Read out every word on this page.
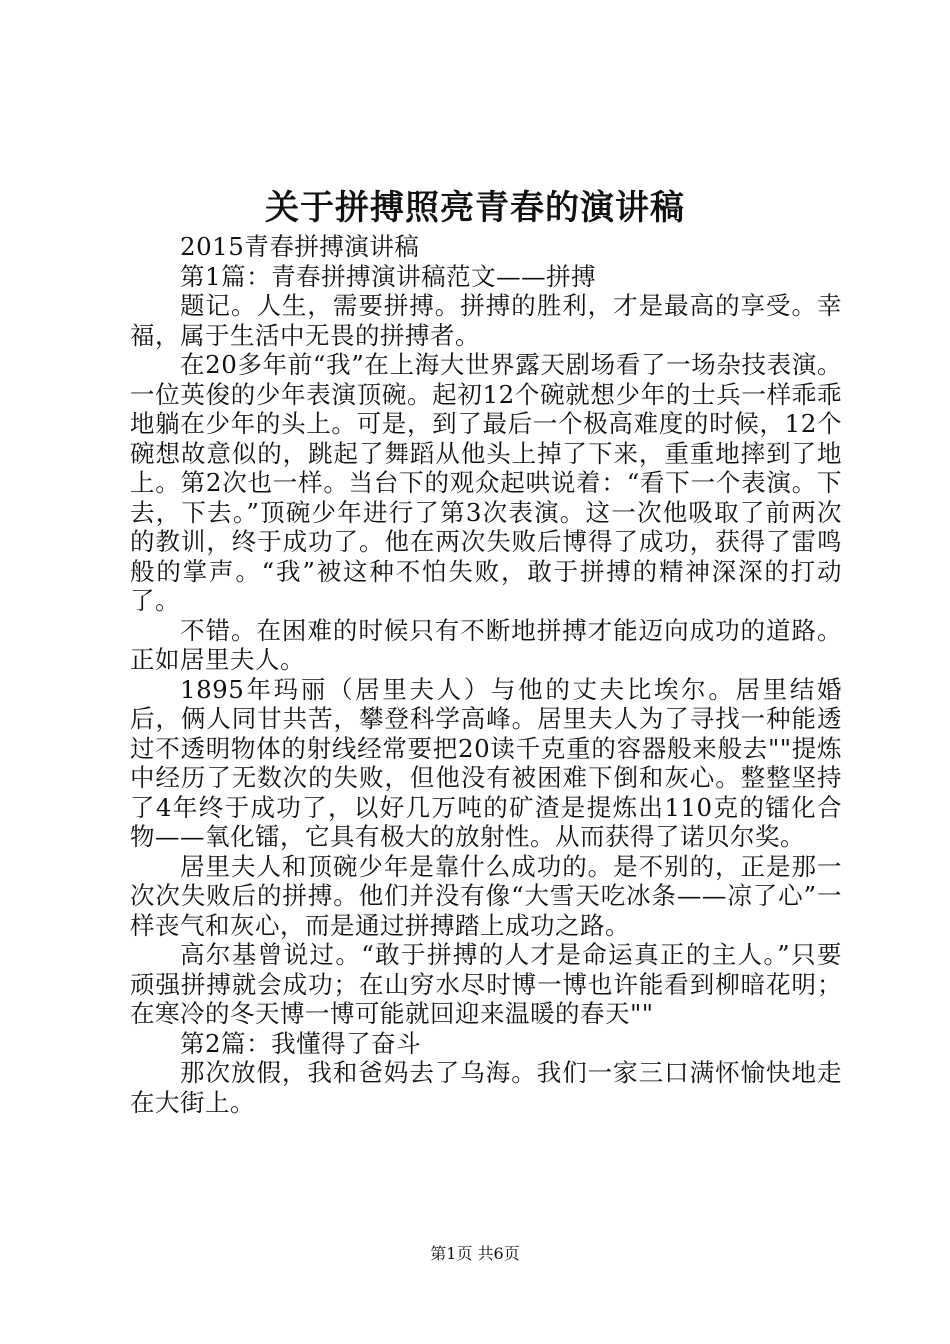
关于拼搏照亮青春的演讲稿

2015青春拼搏演讲稿

第1篇：青春拼搏演讲稿范文——拼搏

题记。人生，需要拼搏。拼搏的胜利，才是最高的享受。幸福，属于生活中无畏的拼搏者。

在20多年前“我”在上海大世界露天剧场看了一场杂技表演。一位英俊的少年表演顶碗。起初12个碗就想少年的士兵一样乖乖地躺在少年的头上。可是，到了最后一个极高难度的时候，12个碗想故意似的，跳起了舞蹈从他头上掉了下来，重重地摔到了地上。第2次也一样。当台下的观众起哄说着：“看下一个表演。下去，下去。”顶碗少年进行了第3次表演。这一次他吸取了前两次的教训，终于成功了。他在两次失败后博得了成功，获得了雷鸣般的掌声。“我”被这种不怕失败，敢于拼搏的精神深深的打动了。

不错。在困难的时候只有不断地拼搏才能迈向成功的道路。正如居里夫人。

1895年玛丽（居里夫人）与他的丈夫比埃尔。居里结婚后，俩人同甘共苦，攀登科学高峰。居里夫人为了寻找一种能透过不透明物体的射线经常要把20读千克重的容器般来般去""提炼中经历了无数次的失败，但他没有被困难下倒和灰心。整整坚持了4年终于成功了，以好几万吨的矿渣是提炼出110克的镭化合物——氧化镭，它具有极大的放射性。从而获得了诺贝尔奖。

居里夫人和顶碗少年是靠什么成功的。是不别的，正是那一次次失败后的拼搏。他们并没有像“大雪天吃冰条——凉了心”一样丧气和灰心，而是通过拼搏踏上成功之路。

高尔基曾说过。“敢于拼搏的人才是命运真正的主人。”只要顽强拼搏就会成功；在山穷水尽时博一博也许能看到柳暗花明；在寒冷的冬天博一博可能就回迎来温暖的春天""

第2篇：我懂得了奋斗

那次放假，我和爸妈去了乌海。我们一家三口满怀愉快地走在大街上。

第1页 共6页
